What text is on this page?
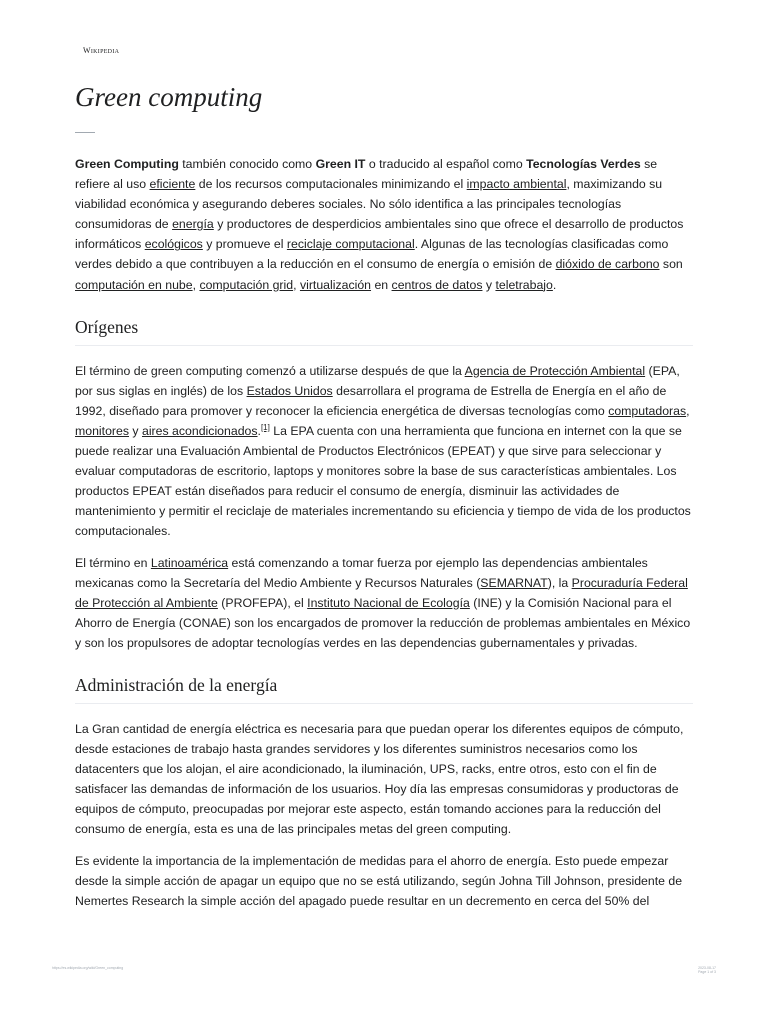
Wikipedia
Green computing

Green Computing también conocido como Green IT o traducido al español como Tecnologías Verdes se refiere al uso eficiente de los recursos computacionales minimizando el impacto ambiental, maximizando su viabilidad económica y asegurando deberes sociales. No sólo identifica a las principales tecnologías consumidoras de energía y productores de desperdicios ambientales sino que ofrece el desarrollo de productos informáticos ecológicos y promueve el reciclaje computacional. Algunas de las tecnologías clasificadas como verdes debido a que contribuyen a la reducción en el consumo de energía o emisión de dióxido de carbono son computación en nube, computación grid, virtualización en centros de datos y teletrabajo.

Orígenes

El término de green computing comenzó a utilizarse después de que la Agencia de Protección Ambiental (EPA, por sus siglas en inglés) de los Estados Unidos desarrollara el programa de Estrella de Energía en el año de 1992, diseñado para promover y reconocer la eficiencia energética de diversas tecnologías como computadoras, monitores y aires acondicionados.[1] La EPA cuenta con una herramienta que funciona en internet con la que se puede realizar una Evaluación Ambiental de Productos Electrónicos (EPEAT) y que sirve para seleccionar y evaluar computadoras de escritorio, laptops y monitores sobre la base de sus características ambientales. Los productos EPEAT están diseñados para reducir el consumo de energía, disminuir las actividades de mantenimiento y permitir el reciclaje de materiales incrementando su eficiencia y tiempo de vida de los productos computacionales.

El término en Latinoamérica está comenzando a tomar fuerza por ejemplo las dependencias ambientales mexicanas como la Secretaría del Medio Ambiente y Recursos Naturales (SEMARNAT), la Procuraduría Federal de Protección al Ambiente (PROFEPA), el Instituto Nacional de Ecología (INE) y la Comisión Nacional para el Ahorro de Energía (CONAE) son los encargados de promover la reducción de problemas ambientales en México y son los propulsores de adoptar tecnologías verdes en las dependencias gubernamentales y privadas.

Administración de la energía

La Gran cantidad de energía eléctrica es necesaria para que puedan operar los diferentes equipos de cómputo, desde estaciones de trabajo hasta grandes servidores y los diferentes suministros necesarios como los datacenters que los alojan, el aire acondicionado, la iluminación, UPS, racks, entre otros, esto con el fin de satisfacer las demandas de información de los usuarios. Hoy día las empresas consumidoras y productoras de equipos de cómputo, preocupadas por mejorar este aspecto, están tomando acciones para la reducción del consumo de energía, esta es una de las principales metas del green computing.

Es evidente la importancia de la implementación de medidas para el ahorro de energía. Esto puede empezar desde la simple acción de apagar un equipo que no se está utilizando, según Johna Till Johnson, presidente de Nemertes Research la simple acción del apagado puede resultar en un decremento en cerca del 50% del

https://es.wikipedia.org/wiki/Green_computing	2023-08-17
Page 1 of 3
